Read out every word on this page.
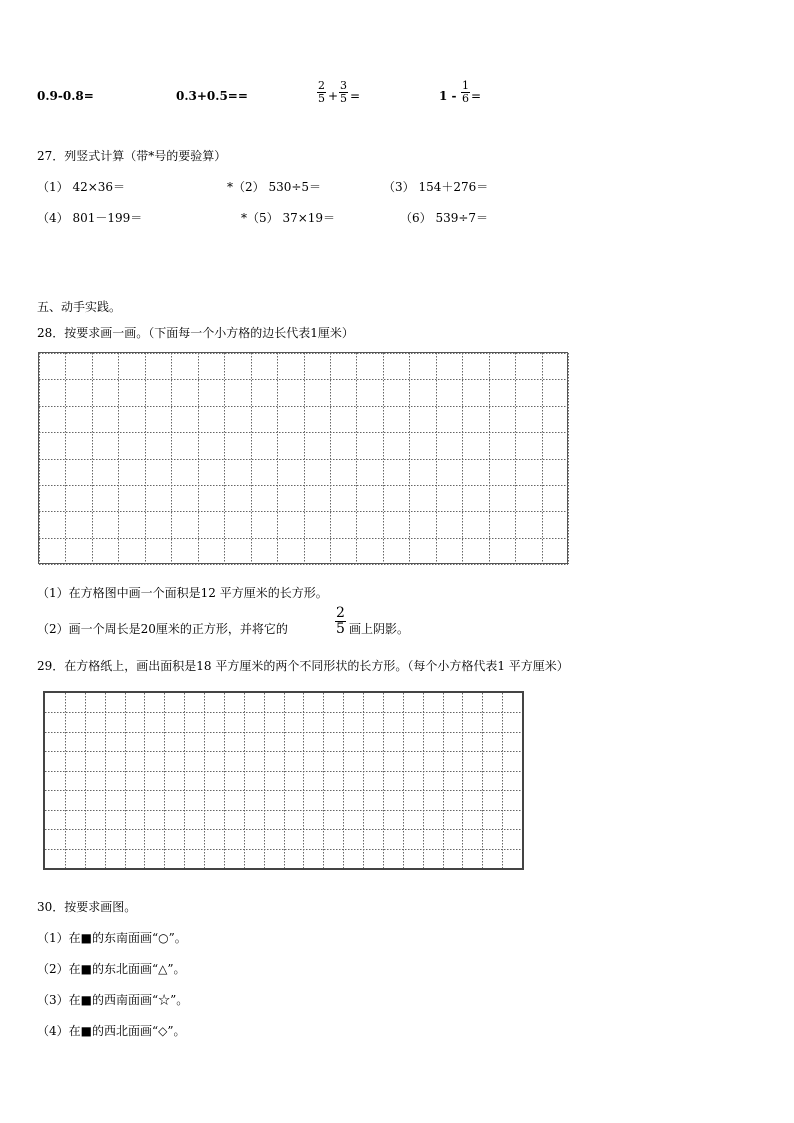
0.9-0.8=	0.3+0.5==
2
5 +
3
5 =	1 -
1
6 =
27．列竖式计算（带*号的要验算）
（1） 42×36＝	*（2） 530÷5＝	（3） 154＋276＝
（4） 801－199＝	*（5） 37×19＝	（6） 539÷7＝
五、动手实践。
28．按要求画一画。（下面每一个小方格的边长代表1厘米）
（1）在方格图中画一个面积是12 平方厘米的长方形。
（2）画一个周长是20厘米的正方形，并将它的
2
5 画上阴影。
29．在方格纸上，画出面积是18 平方厘米的两个不同形状的长方形。（每个小方格代表1 平方厘米）
30．按要求画图。
（1）在■的东南面画“○”。
（2）在■的东北面画“△”。
（3）在■的西南面画“☆”。
（4）在■的西北面画“◇”。
